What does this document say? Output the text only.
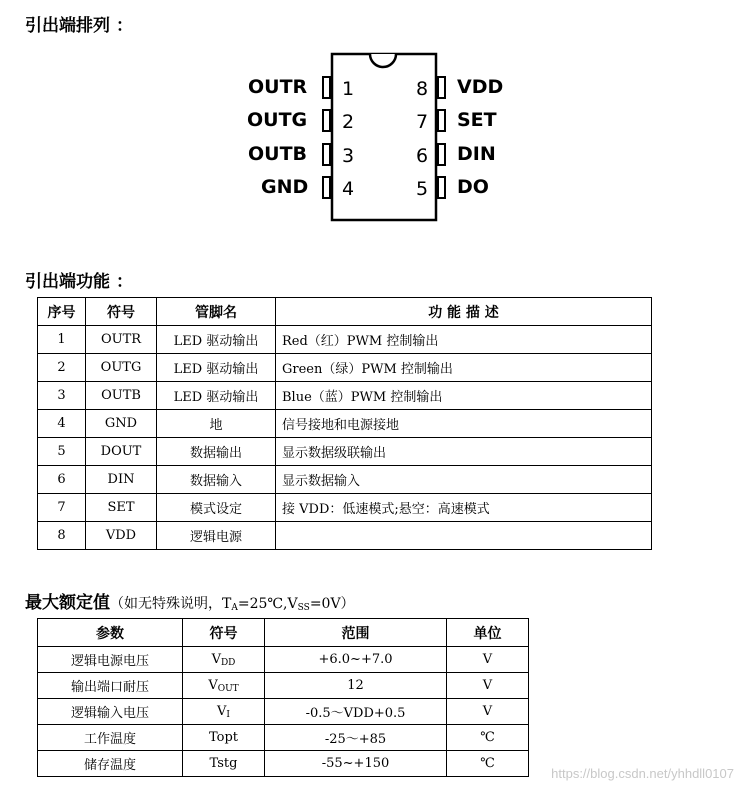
引出端排列 ：
OUTR
OUTG
OUTB
GND
1
2
3
4
8
7
6
5
VDD
SET
DIN
DO
引出端功能 ：
序号	符号	管脚名	功 能 描 述
1	OUTR	LED 驱动输出	Red（红）PWM 控制输出
2	OUTG	LED 驱动输出	Green（绿）PWM 控制输出
3	OUTB	LED 驱动输出	Blue（蓝）PWM 控制输出
4	GND	地	信号接地和电源接地
5	DOUT	数据输出	显示数据级联输出
6	DIN	数据输入	显示数据输入
7	SET	模式设定	接 VDD：低速模式;悬空：高速模式
8	VDD	逻辑电源	
最大额定值（如无特殊说明，$T_A=25℃,V_{SS}=0V$）
参数	符号	范围	单位
逻辑电源电压	$V_{DD}$	+6.0~+7.0	V
输出端口耐压	$V_{OUT}$	12	V
逻辑输入电压	$V_I$	-0.5～VDD+0.5	V
工作温度	Topt	-25～+85	℃
储存温度	Tstg	-55~+150	℃
https://blog.csdn.net/yhhdll0107
